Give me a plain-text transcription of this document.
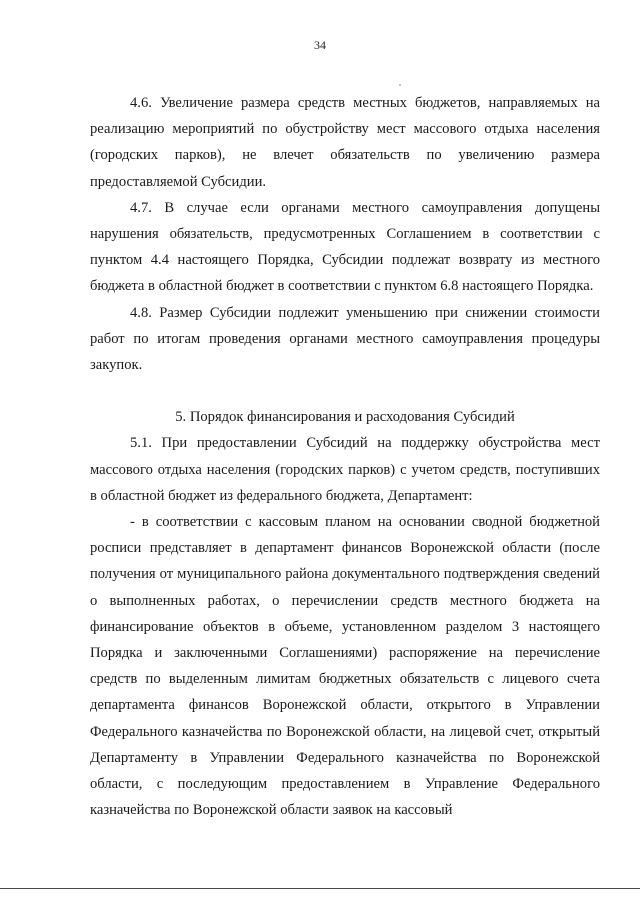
34

4.6. Увеличение размера средств местных бюджетов, направляемых на реализацию мероприятий по обустройству мест массового отдыха населения (городских парков), не влечет обязательств по увеличению размера предоставляемой Субсидии.

4.7. В случае если органами местного самоуправления допущены нарушения обязательств, предусмотренных Соглашением в соответствии с пунктом 4.4 настоящего Порядка, Субсидии подлежат возврату из местного бюджета в областной бюджет в соответствии с пунктом 6.8 настоящего Порядка.

4.8. Размер Субсидии подлежит уменьшению при снижении стоимости работ по итогам проведения органами местного самоуправления процедуры закупок.

5. Порядок финансирования и расходования Субсидий

5.1. При предоставлении Субсидий на поддержку обустройства мест массового отдыха населения (городских парков) с учетом средств, поступивших в областной бюджет из федерального бюджета, Департамент:

- в соответствии с кассовым планом на основании сводной бюджетной росписи представляет в департамент финансов Воронежской области (после получения от муниципального района документального подтверждения сведений о выполненных работах, о перечислении средств местного бюджета на финансирование объектов в объеме, установленном разделом 3 настоящего Порядка и заключенными Соглашениями) распоряжение на перечисление средств по выделенным лимитам бюджетных обязательств с лицевого счета департамента финансов Воронежской области, открытого в Управлении Федерального казначейства по Воронежской области, на лицевой счет, открытый Департаменту в Управлении Федерального казначейства по Воронежской области, с последующим предоставлением в Управление Федерального казначейства по Воронежской области заявок на кассовый
